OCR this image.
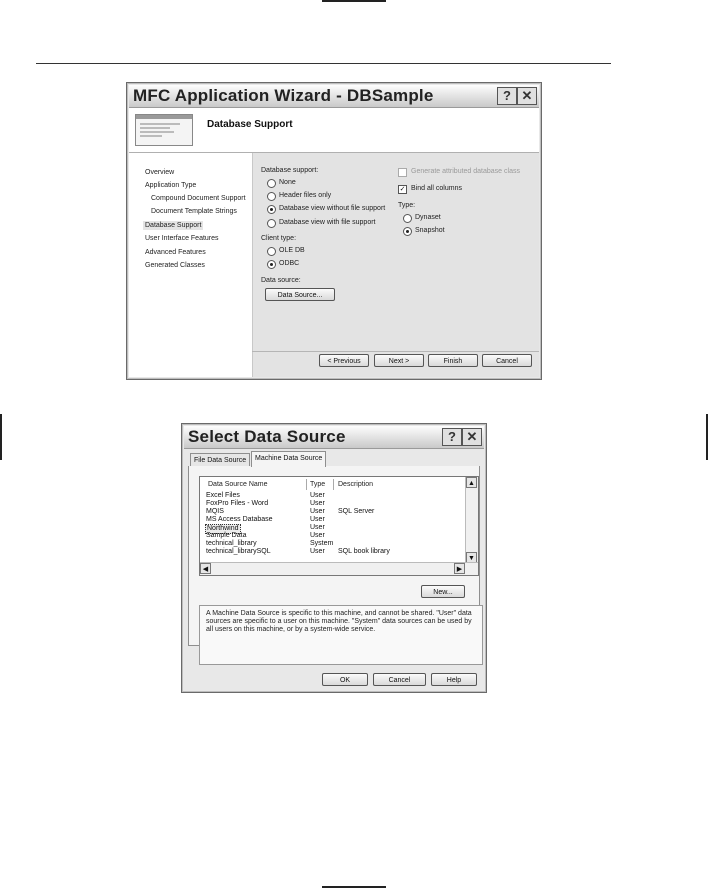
MFC Application Wizard - DBSample	? ✕
Database Support
Overview
Application Type
Compound Document Support
Document Template Strings
Database Support
User Interface Features
Advanced Features
Generated Classes
Database support:
None
Header files only
Database view without file support
Database view with file support
Client type:
OLE DB
ODBC
Data source:
Data Source...
Generate attributed database class
✓ Bind all columns
Type:
Dynaset
Snapshot
< Previous	Next >	Finish	Cancel
Select Data Source	? ✕
File Data Source	Machine Data Source
Data Source Name	Type Description
Excel Files	User
FoxPro Files - Word	User
MQIS	User SQL Server
MS Access Database	User
Northwind	User
Sample Data	User
technical_library	System
technical_librarySQL	User SQL book library
▲
▼
◀	▶
New...
A Machine Data Source is specific to this machine, and cannot be shared. "User" data sources are specific to a user on this machine. "System" data sources can be used by all users on this machine, or by a system-wide service.
OK	Cancel	Help
